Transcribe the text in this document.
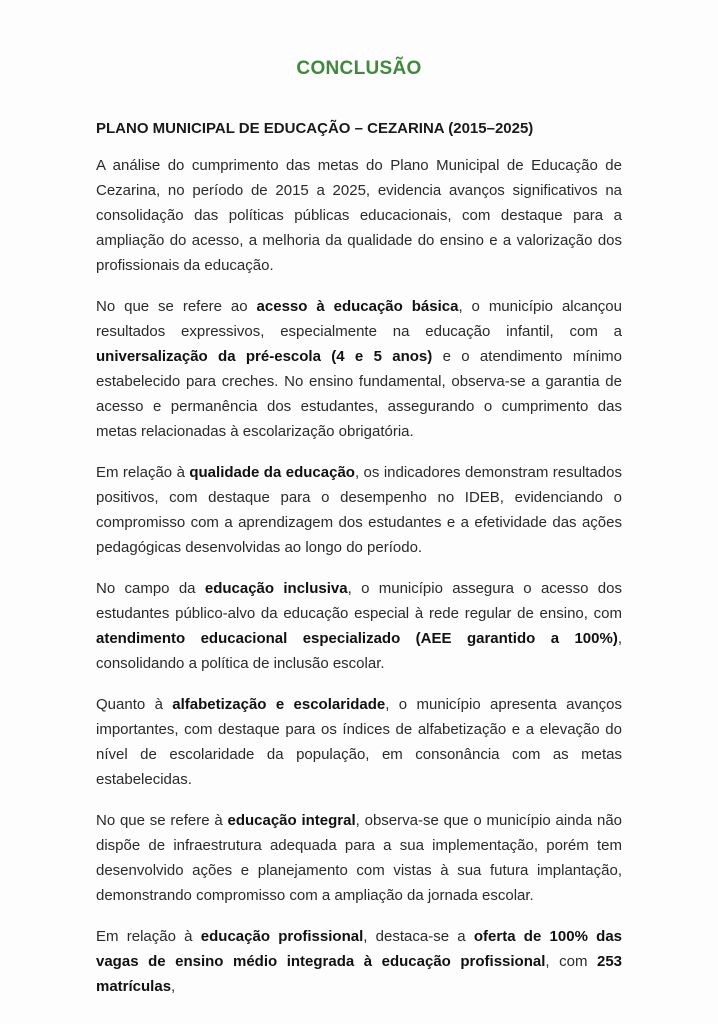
CONCLUSÃO
PLANO MUNICIPAL DE EDUCAÇÃO – CEZARINA (2015–2025)

A análise do cumprimento das metas do Plano Municipal de Educação de Cezarina, no período de 2015 a 2025, evidencia avanços significativos na consolidação das políticas públicas educacionais, com destaque para a ampliação do acesso, a melhoria da qualidade do ensino e a valorização dos profissionais da educação.

No que se refere ao acesso à educação básica, o município alcançou resultados expressivos, especialmente na educação infantil, com a universalização da pré-escola (4 e 5 anos) e o atendimento mínimo estabelecido para creches. No ensino fundamental, observa-se a garantia de acesso e permanência dos estudantes, assegurando o cumprimento das metas relacionadas à escolarização obrigatória.

Em relação à qualidade da educação, os indicadores demonstram resultados positivos, com destaque para o desempenho no IDEB, evidenciando o compromisso com a aprendizagem dos estudantes e a efetividade das ações pedagógicas desenvolvidas ao longo do período.

No campo da educação inclusiva, o município assegura o acesso dos estudantes público-alvo da educação especial à rede regular de ensino, com atendimento educacional especializado (AEE garantido a 100%), consolidando a política de inclusão escolar.

Quanto à alfabetização e escolaridade, o município apresenta avanços importantes, com destaque para os índices de alfabetização e a elevação do nível de escolaridade da população, em consonância com as metas estabelecidas.

No que se refere à educação integral, observa-se que o município ainda não dispõe de infraestrutura adequada para a sua implementação, porém tem desenvolvido ações e planejamento com vistas à sua futura implantação, demonstrando compromisso com a ampliação da jornada escolar.

Em relação à educação profissional, destaca-se a oferta de 100% das vagas de ensino médio integrada à educação profissional, com 253 matrículas,
